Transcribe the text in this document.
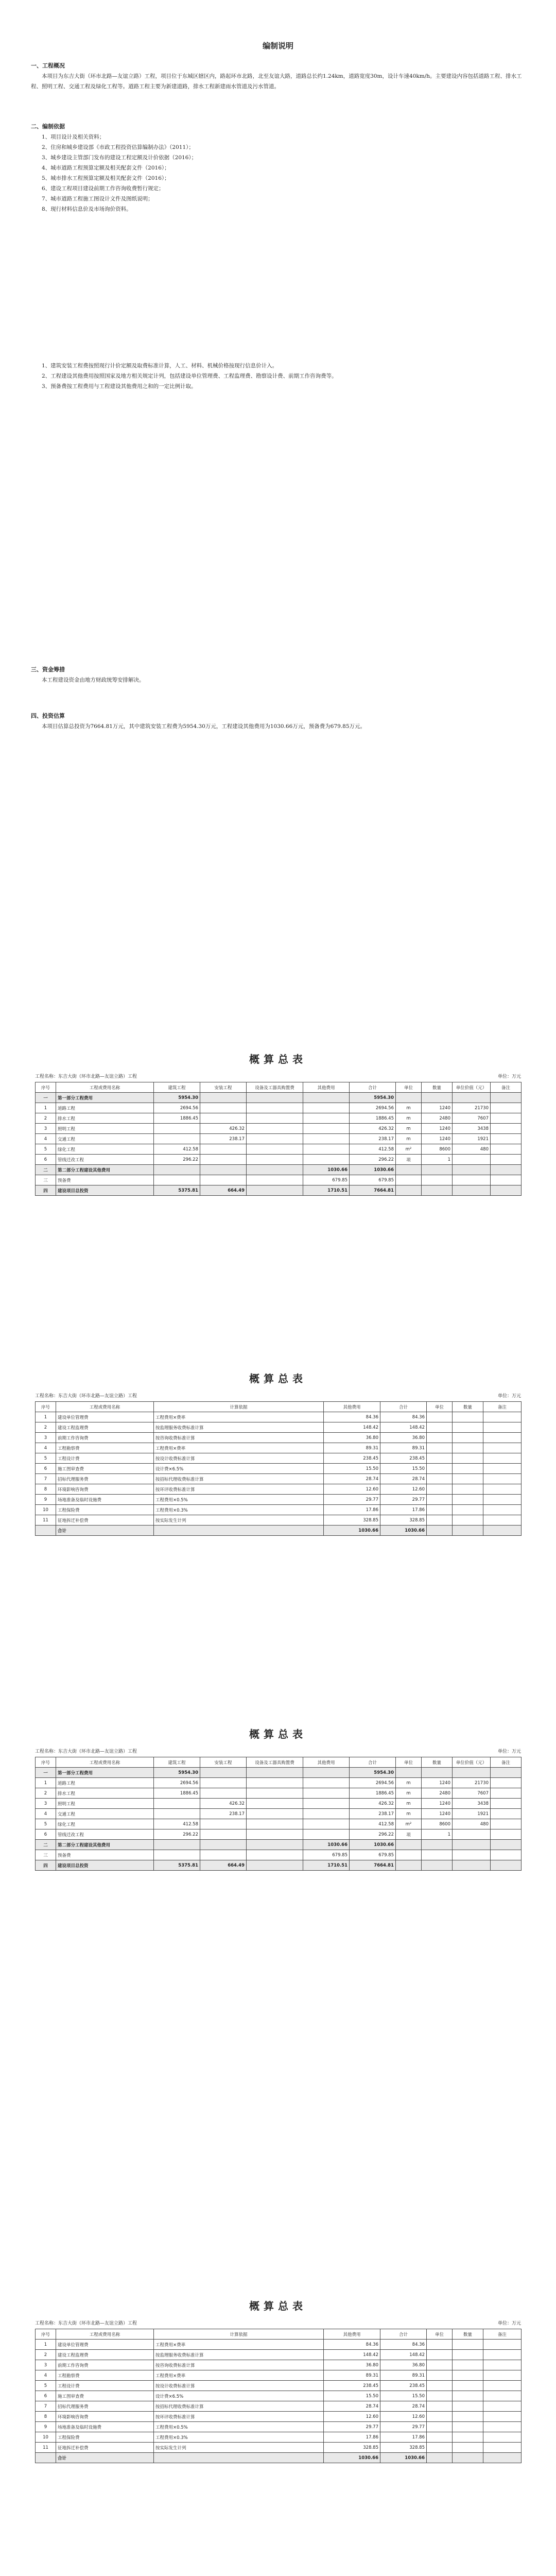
编制说明
一、工程概况

本项目为东吉大街（环市北路—友谊立路）工程，项目位于东城区辖区内，路起环市北路，北至友谊大路，道路总长约1.24km，道路宽度30m，设计车速40km/h。主要建设内容包括道路工程、排水工程、照明工程、交通工程及绿化工程等。道路工程主要为新建道路，排水工程新建雨水管道及污水管道。

二、编制依据

1、项目设计及相关资料；

2、住房和城乡建设部《市政工程投资估算编制办法》（2011）；

3、城乡建设主管部门发布的建设工程定额及计价依据（2016）；

4、城市道路工程预算定额及相关配套文件（2016）；

5、城市排水工程预算定额及相关配套文件（2016）；

6、建设工程项目建设前期工作咨询收费暂行规定；

7、城市道路工程施工图设计文件及图纸说明；

8、现行材料信息价及市场询价资料。

1、建筑安装工程费按照现行计价定额及取费标准计算，人工、材料、机械价格按现行信息价计入。

2、工程建设其他费用按照国家及地方相关规定计列，包括建设单位管理费、工程监理费、勘察设计费、前期工作咨询费等。

3、预备费按工程费用与工程建设其他费用之和的一定比例计取。

三、资金筹措

本工程建设资金由地方财政统筹安排解决。

四、投资估算

本项目估算总投资为7664.81万元，其中建筑安装工程费为5954.30万元，工程建设其他费用为1030.66万元，预备费为679.85万元。

概算总表
工程名称：东吉大街（环市北路—友谊立路）工程	单位：万元
序号	工程或费用名称	建筑工程	安装工程	设备及工器具购置费	其他费用	合计	单位	数量	单位价值（元）	备注
一	第一部分工程费用	5954.30				5954.30				
1	道路工程	2694.56				2694.56	m	1240	21730	
2	排水工程	1886.45				1886.45	m	2480	7607	
3	照明工程		426.32			426.32	m	1240	3438	
4	交通工程		238.17			238.17	m	1240	1921	
5	绿化工程	412.58				412.58	m²	8600	480	
6	管线迁改工程	296.22				296.22	项	1		
二	第二部分工程建设其他费用				1030.66	1030.66				
三	预备费				679.85	679.85				
四	建设项目总投资	5375.81	664.49		1710.51	7664.81				
概算总表
工程名称：东吉大街（环市北路—友谊立路）工程	单位：万元
序号	工程或费用名称	计算依据	其他费用	合计	单位	数量	备注
1	建设单位管理费	工程费用×费率	84.36	84.36			
2	建设工程监理费	按监理服务收费标准计算	148.42	148.42			
3	前期工作咨询费	按咨询收费标准计算	36.80	36.80			
4	工程勘察费	工程费用×费率	89.31	89.31			
5	工程设计费	按设计收费标准计算	238.45	238.45			
6	施工图审查费	设计费×6.5%	15.50	15.50			
7	招标代理服务费	按招标代理收费标准计算	28.74	28.74			
8	环境影响咨询费	按环评收费标准计算	12.60	12.60			
9	场地准备及临时设施费	工程费用×0.5%	29.77	29.77			
10	工程保险费	工程费用×0.3%	17.86	17.86			
11	征地拆迁补偿费	按实际发生计列	328.85	328.85			
	合计		1030.66	1030.66			
概算总表
工程名称：东吉大街（环市北路—友谊立路）工程	单位：万元
序号	工程或费用名称	建筑工程	安装工程	设备及工器具购置费	其他费用	合计	单位	数量	单位价值（元）	备注
一	第一部分工程费用	5954.30				5954.30				
1	道路工程	2694.56				2694.56	m	1240	21730	
2	排水工程	1886.45				1886.45	m	2480	7607	
3	照明工程		426.32			426.32	m	1240	3438	
4	交通工程		238.17			238.17	m	1240	1921	
5	绿化工程	412.58				412.58	m²	8600	480	
6	管线迁改工程	296.22				296.22	项	1		
二	第二部分工程建设其他费用				1030.66	1030.66				
三	预备费				679.85	679.85				
四	建设项目总投资	5375.81	664.49		1710.51	7664.81				
概算总表
工程名称：东吉大街（环市北路—友谊立路）工程	单位：万元
序号	工程或费用名称	计算依据	其他费用	合计	单位	数量	备注
1	建设单位管理费	工程费用×费率	84.36	84.36			
2	建设工程监理费	按监理服务收费标准计算	148.42	148.42			
3	前期工作咨询费	按咨询收费标准计算	36.80	36.80			
4	工程勘察费	工程费用×费率	89.31	89.31			
5	工程设计费	按设计收费标准计算	238.45	238.45			
6	施工图审查费	设计费×6.5%	15.50	15.50			
7	招标代理服务费	按招标代理收费标准计算	28.74	28.74			
8	环境影响咨询费	按环评收费标准计算	12.60	12.60			
9	场地准备及临时设施费	工程费用×0.5%	29.77	29.77			
10	工程保险费	工程费用×0.3%	17.86	17.86			
11	征地拆迁补偿费	按实际发生计列	328.85	328.85			
	合计		1030.66	1030.66			
